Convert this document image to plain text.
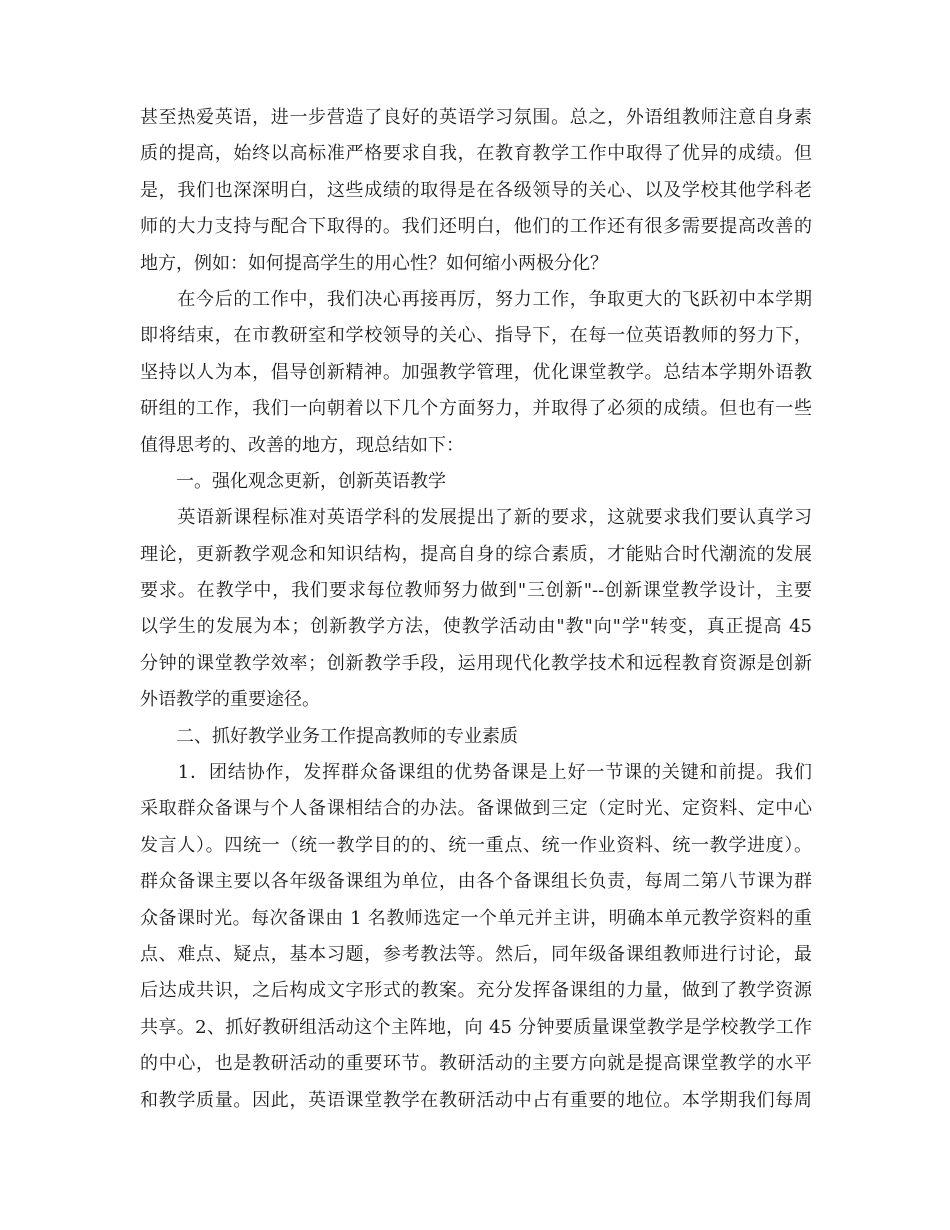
甚至热爱英语，进一步营造了良好的英语学习氛围。总之，外语组教师注意自身素
质的提高，始终以高标准严格要求自我，在教育教学工作中取得了优异的成绩。但
是，我们也深深明白，这些成绩的取得是在各级领导的关心、以及学校其他学科老
师的大力支持与配合下取得的。我们还明白，他们的工作还有很多需要提高改善的
地方，例如：如何提高学生的用心性？如何缩小两极分化？
　　在今后的工作中，我们决心再接再厉，努力工作，争取更大的飞跃初中本学期
即将结束，在市教研室和学校领导的关心、指导下，在每一位英语教师的努力下，
坚持以人为本，倡导创新精神。加强教学管理，优化课堂教学。总结本学期外语教
研组的工作，我们一向朝着以下几个方面努力，并取得了必须的成绩。但也有一些
值得思考的、改善的地方，现总结如下：
　　一。强化观念更新，创新英语教学
　　英语新课程标准对英语学科的发展提出了新的要求，这就要求我们要认真学习
理论，更新教学观念和知识结构，提高自身的综合素质，才能贴合时代潮流的发展
要求。在教学中，我们要求每位教师努力做到"三创新"--创新课堂教学设计，主要
以学生的发展为本；创新教学方法，使教学活动由"教"向"学"转变，真正提高 45
分钟的课堂教学效率；创新教学手段，运用现代化教学技术和远程教育资源是创新
外语教学的重要途径。
　　二、抓好教学业务工作提高教师的专业素质
　　1．团结协作，发挥群众备课组的优势备课是上好一节课的关键和前提。我们
采取群众备课与个人备课相结合的办法。备课做到三定（定时光、定资料、定中心
发言人）。四统一（统一教学目的的、统一重点、统一作业资料、统一教学进度）。
群众备课主要以各年级备课组为单位，由各个备课组长负责，每周二第八节课为群
众备课时光。每次备课由 1 名教师选定一个单元并主讲，明确本单元教学资料的重
点、难点、疑点，基本习题，参考教法等。然后，同年级备课组教师进行讨论，最
后达成共识，之后构成文字形式的教案。充分发挥备课组的力量，做到了教学资源
共享。2、抓好教研组活动这个主阵地，向 45 分钟要质量课堂教学是学校教学工作
的中心，也是教研活动的重要环节。教研活动的主要方向就是提高课堂教学的水平
和教学质量。因此，英语课堂教学在教研活动中占有重要的地位。本学期我们每周
